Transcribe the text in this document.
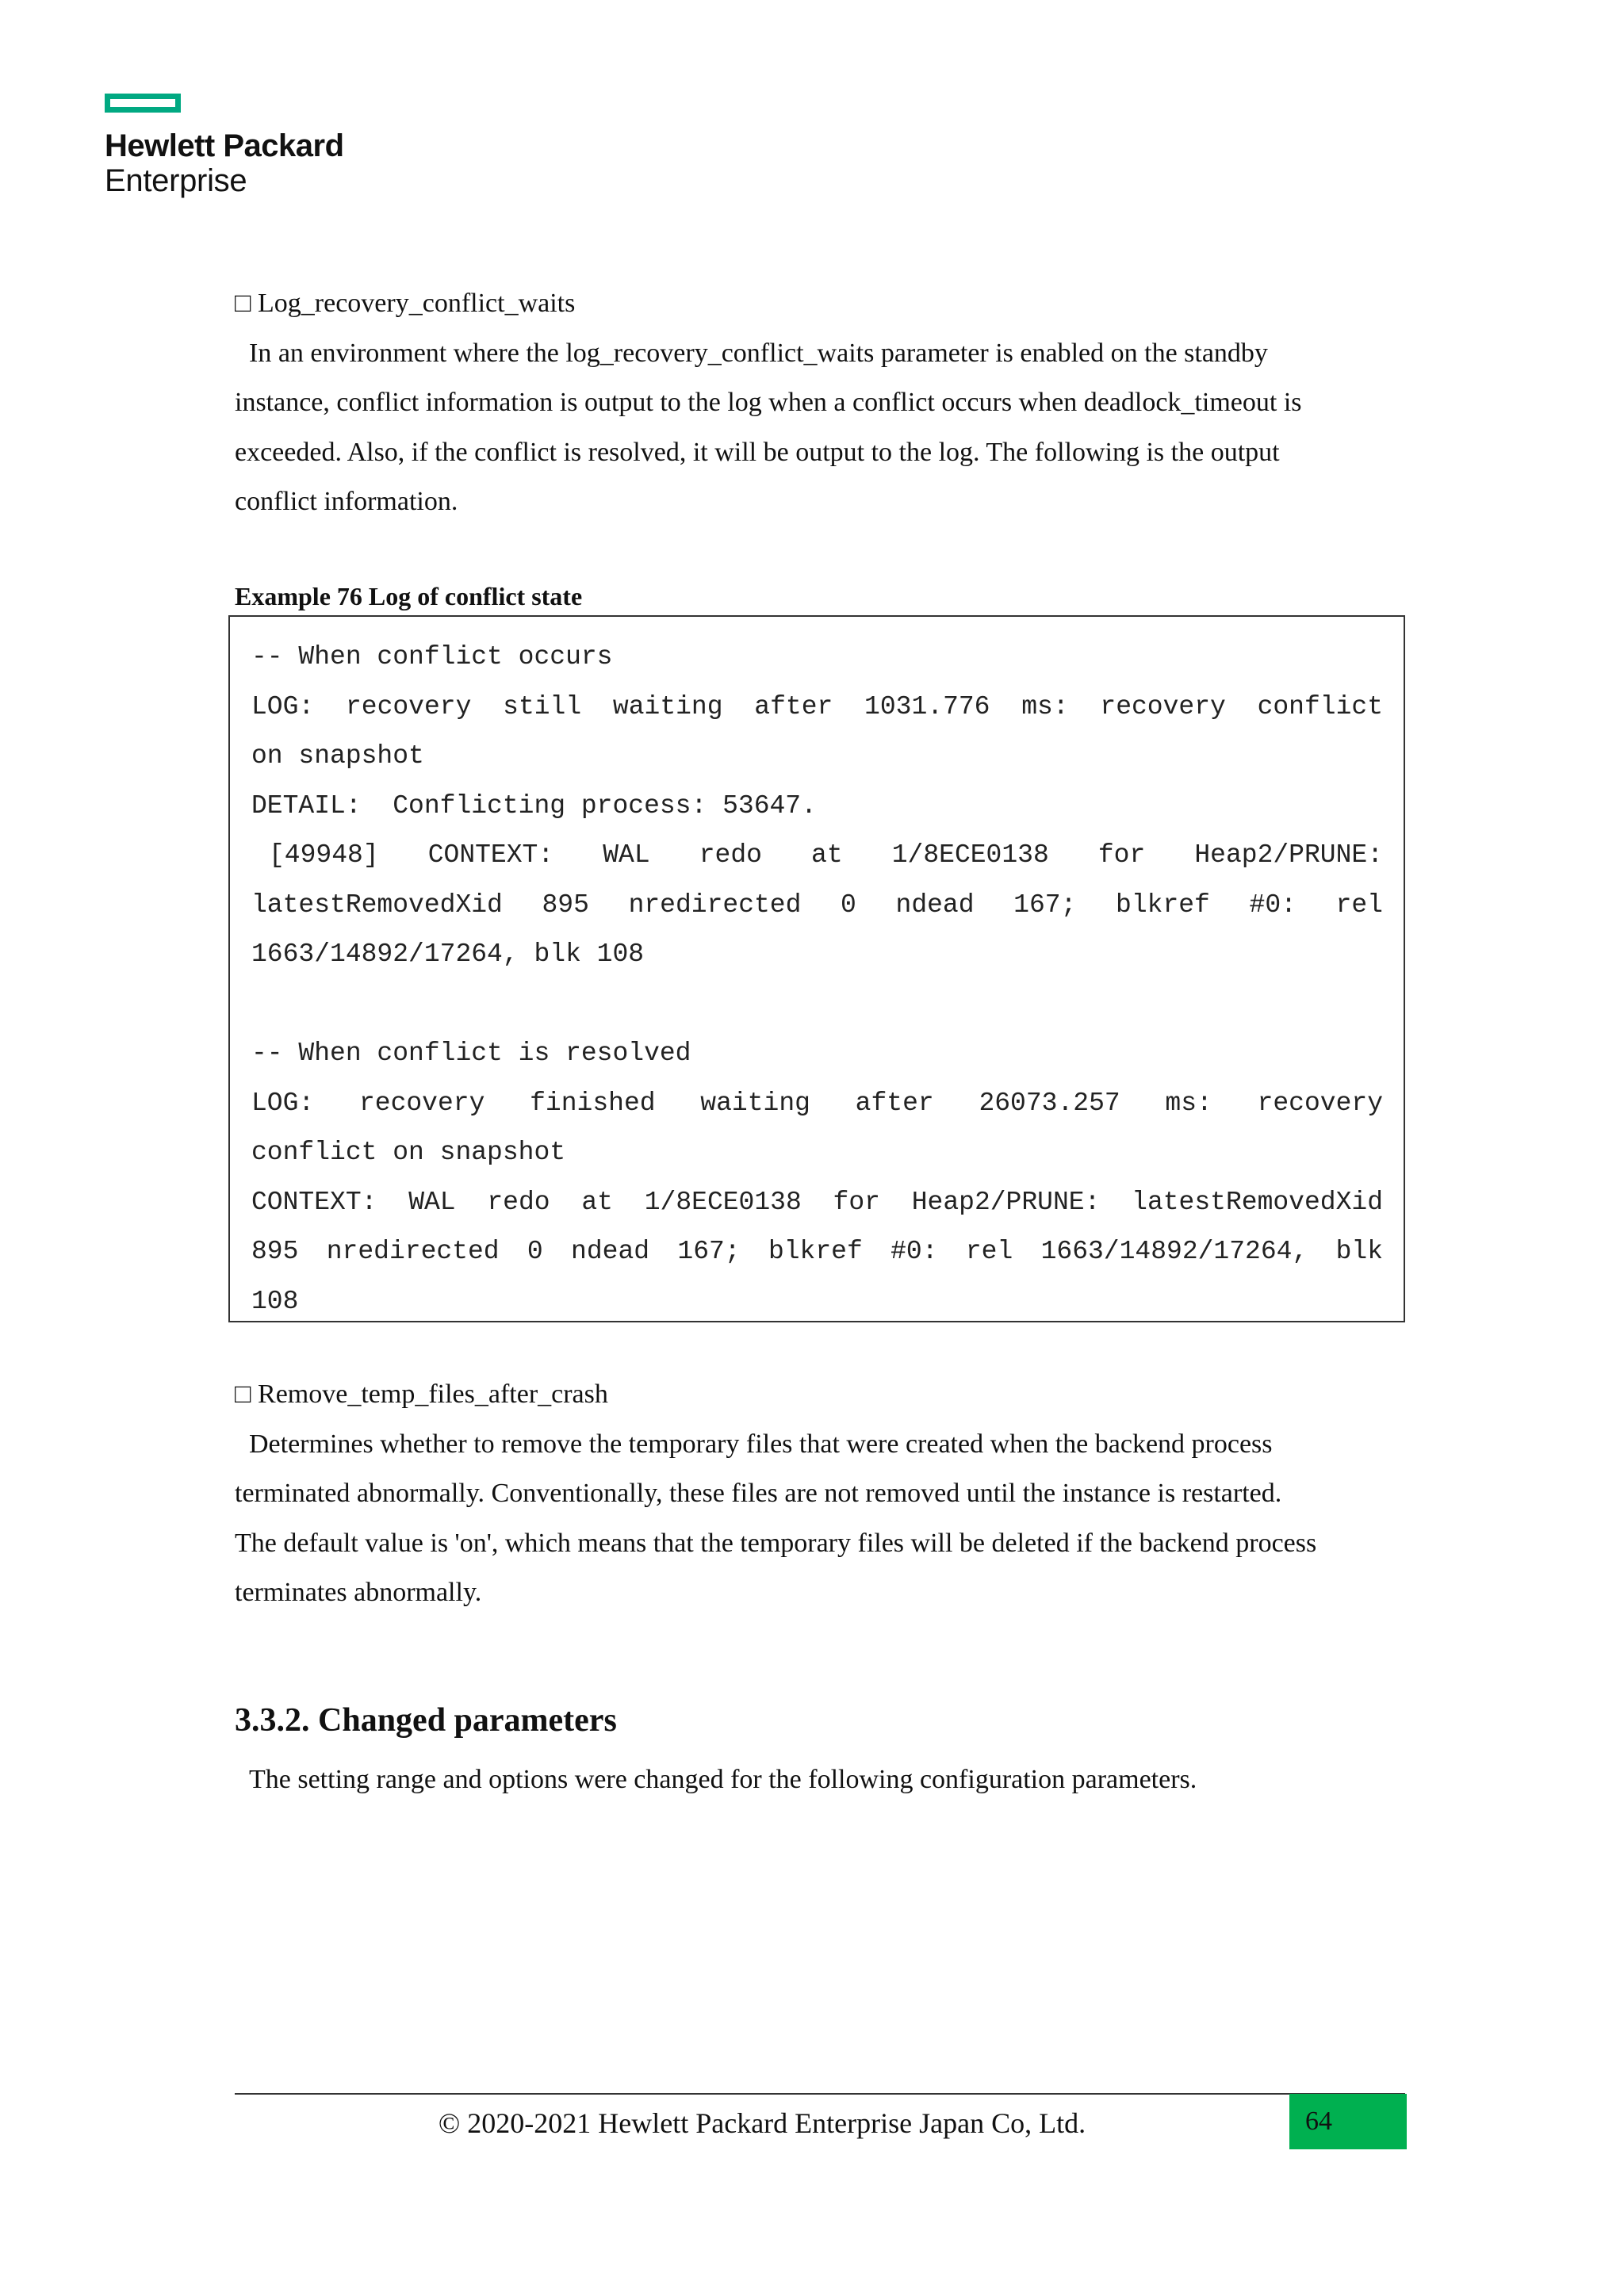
Hewlett Packard
Enterprise

□ Log_recovery_conflict_waits

In an environment where the log_recovery_conflict_waits parameter is enabled on the standby

instance, conflict information is output to the log when a conflict occurs when deadlock_timeout is

exceeded. Also, if the conflict is resolved, it will be output to the log. The following is the output

conflict information.

Example 76 Log of conflict state
-- When conflict occurs
LOG: recovery still waiting after 1031.776 ms: recovery conflict
on snapshot
DETAIL:  Conflicting process: 53647.
[49948] CONTEXT: WAL redo at 1/8ECE0138 for Heap2/PRUNE:
latestRemovedXid 895 nredirected 0 ndead 167; blkref #0: rel
1663/14892/17264, blk 108
-- When conflict is resolved
LOG: recovery finished waiting after 26073.257 ms: recovery
conflict on snapshot
CONTEXT: WAL redo at 1/8ECE0138 for Heap2/PRUNE: latestRemovedXid
895 nredirected 0 ndead 167; blkref #0: rel 1663/14892/17264, blk
108

□ Remove_temp_files_after_crash

Determines whether to remove the temporary files that were created when the backend process

terminated abnormally. Conventionally, these files are not removed until the instance is restarted.

The default value is 'on', which means that the temporary files will be deleted if the backend process

terminates abnormally.

3.3.2. Changed parameters

The setting range and options were changed for the following configuration parameters.

© 2020-2021 Hewlett Packard Enterprise Japan Co, Ltd.	64
